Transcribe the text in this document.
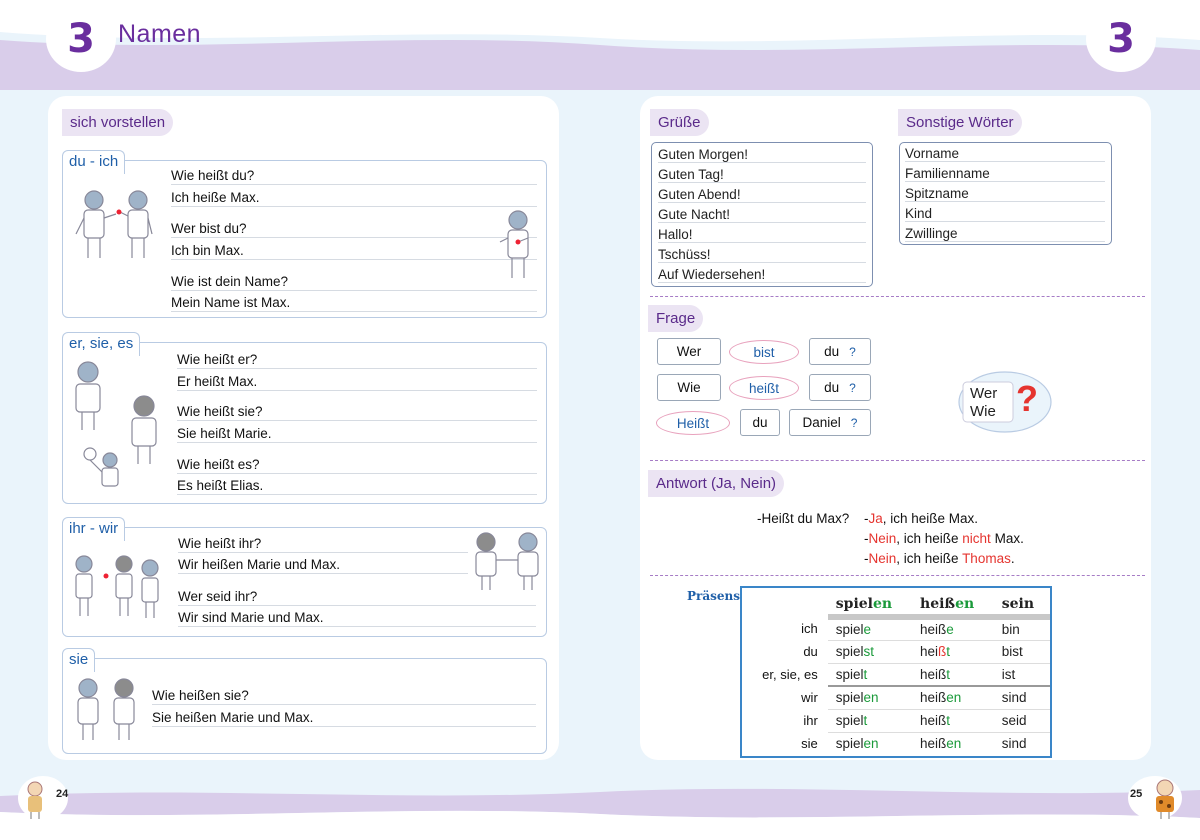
3 Namen	3
sich vorstellen
du - ich
Wie heißt du?
Ich heiße Max.
Wer bist du?
Ich bin Max.
Wie ist dein Name?
Mein Name ist Max.
er, sie, es
Wie heißt er?
Er heißt Max.
Wie heißt sie?
Sie heißt Marie.
Wie heißt es?
Es heißt Elias.
ihr - wir
Wie heißt ihr?
Wir heißen Marie und Max.
Wer seid ihr?
Wir sind Marie und Max.
sie
Wie heißen sie?
Sie heißen Marie und Max.
Grüße
Guten Morgen!
Guten Tag!
Guten Abend!
Gute Nacht!
Hallo!
Tschüss!
Auf Wiedersehen!
Sonstige Wörter
Vorname
Familienname
Spitzname
Kind
Zwillinge
Frage
Wer	bist	du ?
Wie	heißt	du ?
Heißt	du	Daniel ?
Wer
Wie ?
Antwort (Ja, Nein)
-Heißt du Max? -Ja, ich heiße Max.
-Nein, ich heiße nicht Max.
-Nein, ich heiße Thomas.
Präsens
		spielen	heißen	sein
ich	spiele	heiße	bin
du	spielst	heißt	bist
er, sie, es	spielt	heißt	ist
wir	spielen	heißen	sind
ihr	spielt	heißt	seid
sie	spielen	heißen	sind
24	25
